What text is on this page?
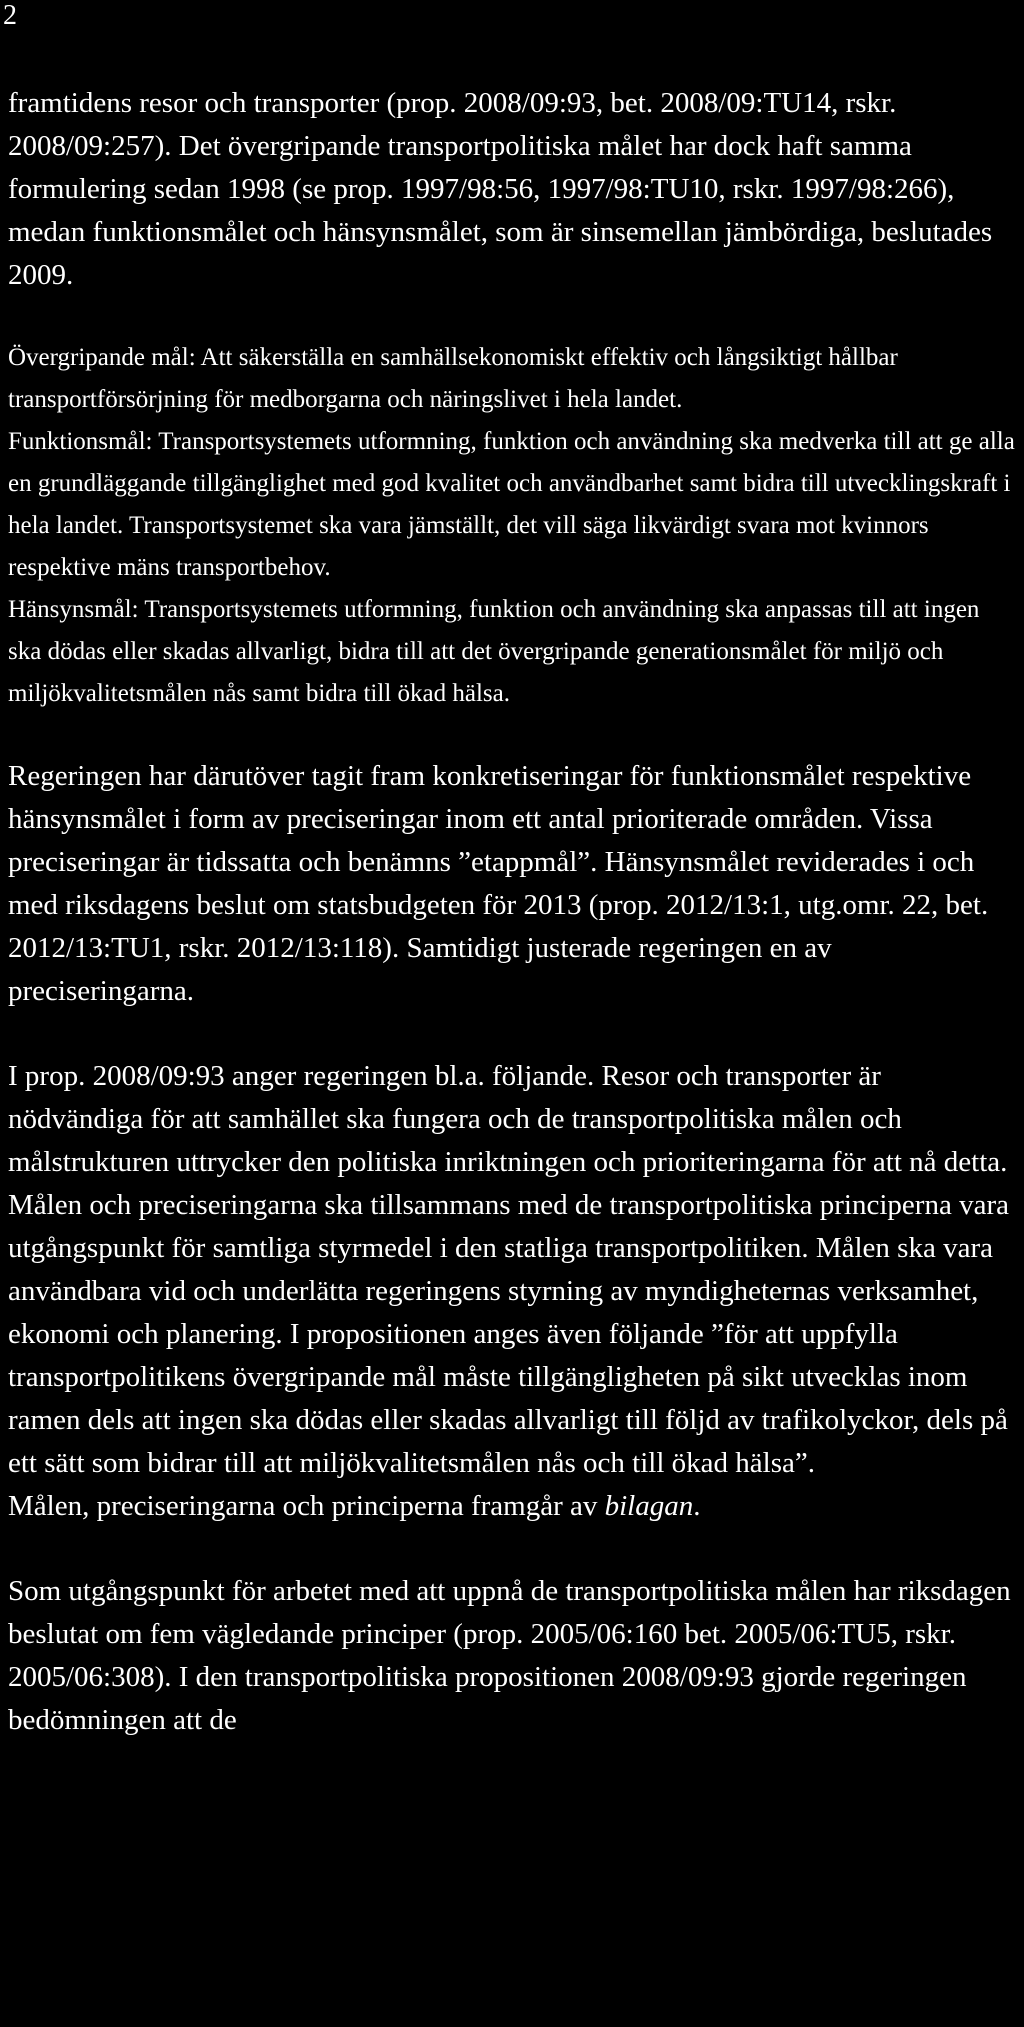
2

framtidens resor och transporter (prop. 2008/09:93, bet. 2008/09:TU14, rskr. 2008/09:257). Det övergripande transportpolitiska målet har dock haft samma formulering sedan 1998 (se prop. 1997/98:56, 1997/98:TU10, rskr. 1997/98:266), medan funktionsmålet och hänsynsmålet, som är sinsemellan jämbördiga, beslutades 2009.

Övergripande mål: Att säkerställa en samhällsekonomiskt effektiv och långsiktigt hållbar transportförsörjning för medborgarna och näringslivet i hela landet.

Funktionsmål: Transportsystemets utformning, funktion och användning ska medverka till att ge alla en grundläggande tillgänglighet med god kvalitet och användbarhet samt bidra till utvecklingskraft i hela landet. Transportsystemet ska vara jämställt, det vill säga likvärdigt svara mot kvinnors respektive mäns transportbehov.

Hänsynsmål: Transportsystemets utformning, funktion och användning ska anpassas till att ingen ska dödas eller skadas allvarligt, bidra till att det övergripande generationsmålet för miljö och miljökvalitetsmålen nås samt bidra till ökad hälsa.

Regeringen har därutöver tagit fram konkretiseringar för funktionsmålet respektive hänsynsmålet i form av preciseringar inom ett antal prioriterade områden. Vissa preciseringar är tidssatta och benämns ”etappmål”. Hänsynsmålet reviderades i och med riksdagens beslut om statsbudgeten för 2013 (prop. 2012/13:1, utg.omr. 22, bet. 2012/13:TU1, rskr. 2012/13:118). Samtidigt justerade regeringen en av preciseringarna.

I prop. 2008/09:93 anger regeringen bl.a. följande. Resor och transporter är nödvändiga för att samhället ska fungera och de transportpolitiska målen och målstrukturen uttrycker den politiska inriktningen och prioriteringarna för att nå detta. Målen och preciseringarna ska tillsammans med de transportpolitiska principerna vara utgångspunkt för samtliga styrmedel i den statliga transportpolitiken. Målen ska vara användbara vid och underlätta regeringens styrning av myndigheternas verksamhet, ekonomi och planering. I propositionen anges även följande ”för att uppfylla transportpolitikens övergripande mål måste tillgängligheten på sikt utvecklas inom ramen dels att ingen ska dödas eller skadas allvarligt till följd av trafikolyckor, dels på ett sätt som bidrar till att miljökvalitetsmålen nås och till ökad hälsa”.

Målen, preciseringarna och principerna framgår av bilagan.

Som utgångspunkt för arbetet med att uppnå de transportpolitiska målen har riksdagen beslutat om fem vägledande principer (prop. 2005/06:160 bet. 2005/06:TU5, rskr. 2005/06:308). I den transportpolitiska propositionen 2008/09:93 gjorde regeringen bedömningen att de
